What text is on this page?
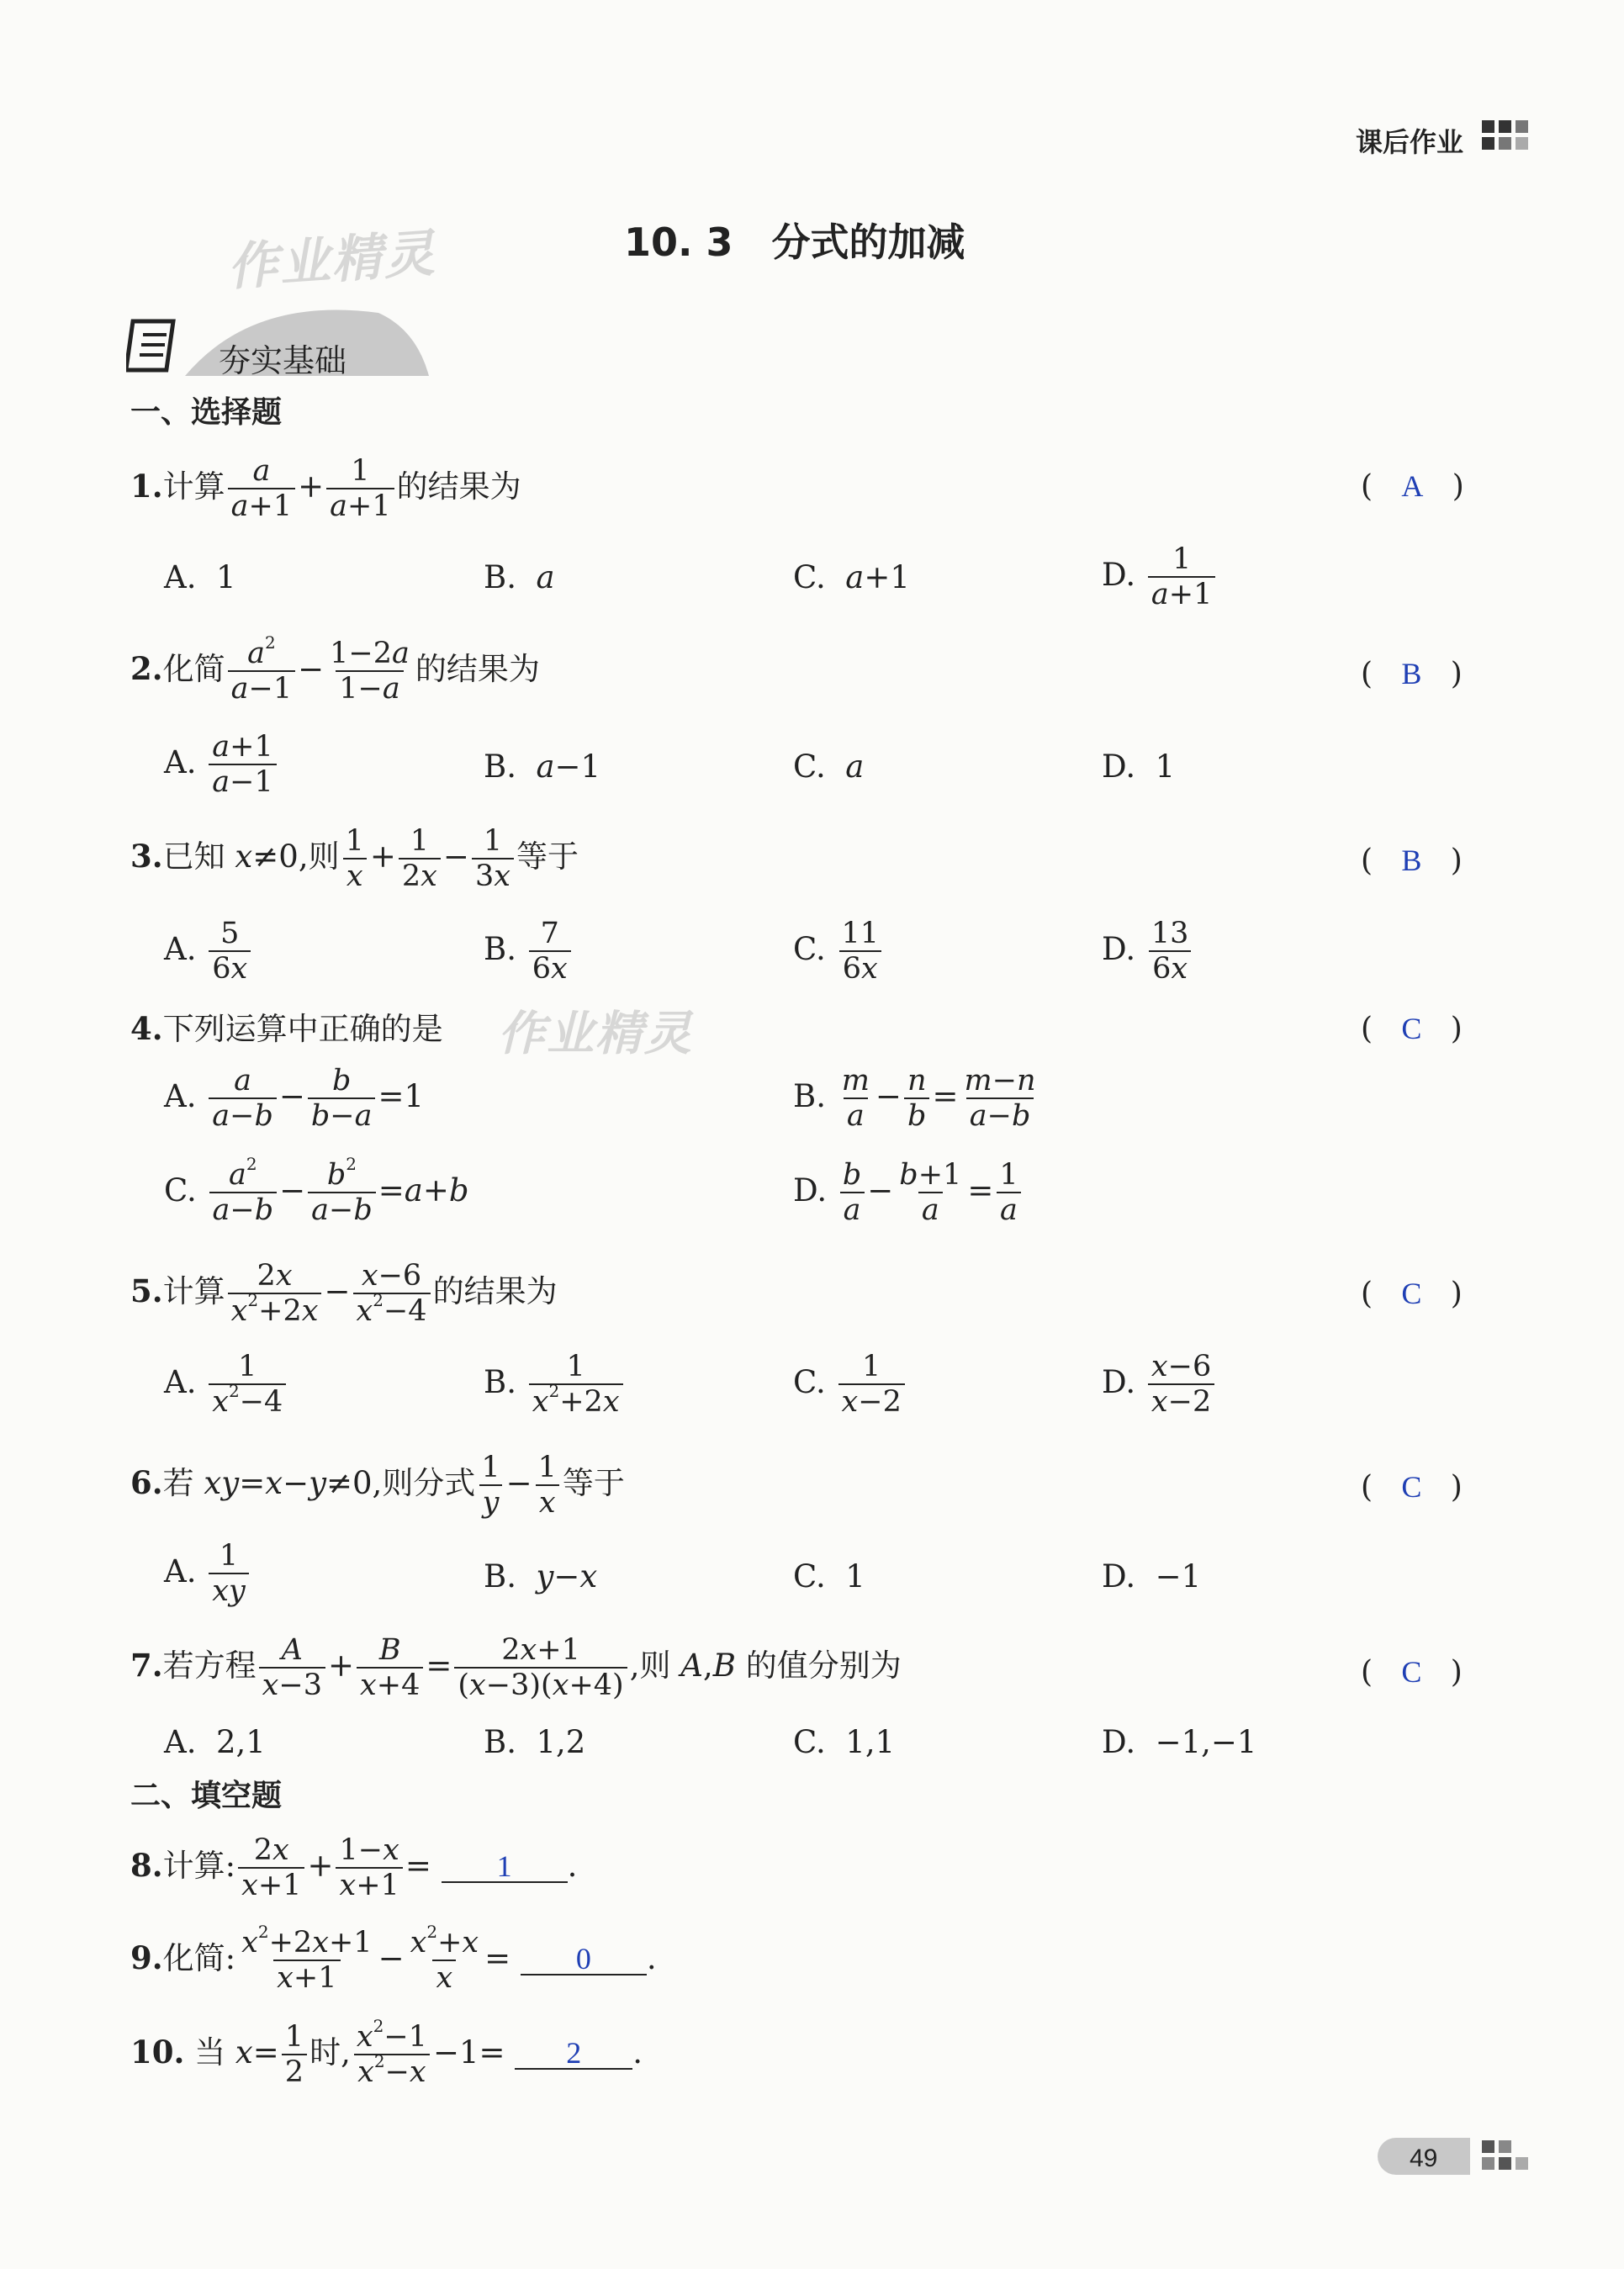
课后作业
作业精灵
作业精灵
10. 3　分式的加减
夯实基础
一、选择题
1.计算 $\frac{a}{a+1} + \frac{1}{a+1}$ 的结果为	(   A   )
A.  1	B.  a	C.  a+1	D. $\frac{1}{a+1}$
2.化简 $\frac{a^2}{a-1} - \frac{1-2a}{1-a}$ 的结果为	(   B   )
A. $\frac{a+1}{a-1}$	B.  a−1	C.  a	D.  1
3.已知 x≠0,则 $\frac{1}{x} + \frac{1}{2x} - \frac{1}{3x}$ 等于	(   B   )
A. $\frac{5}{6x}$	B. $\frac{7}{6x}$	C. $\frac{11}{6x}$	D. $\frac{13}{6x}$
4.下列运算中正确的是	(   C   )
A. $\frac{a}{a-b} - \frac{b}{b-a} =1$	B. $\frac{m}{a} - \frac{n}{b} = \frac{m-n}{a-b}$
C. $\frac{a^2}{a-b} - \frac{b^2}{a-b} =a+b$	D. $\frac{b}{a} - \frac{b+1}{a} = \frac{1}{a}$
5.计算 $\frac{2x}{x^2+2x} - \frac{x-6}{x^2-4}$ 的结果为	(   C   )
A. $\frac{1}{x^2-4}$	B. $\frac{1}{x^2+2x}$	C. $\frac{1}{x-2}$	D. $\frac{x-6}{x-2}$
6.若 xy=x−y≠0,则分式 $\frac{1}{y} - \frac{1}{x}$ 等于	(   C   )
A. $\frac{1}{xy}$	B.  y−x	C.  1	D.  −1
7.若方程 $\frac{A}{x-3} + \frac{B}{x+4} = \frac{2x+1}{(x-3)(x+4)}$ ,则 A,B 的值分别为	(   C   )
A.  2,1	B.  1,2	C.  1,1	D.  −1,−1
二、填空题
8.计算: $\frac{2x}{x+1} + \frac{1-x}{x+1} = 1$ .
9.化简: $\frac{x^2+2x+1}{x+1} - \frac{x^2+x}{x} = 0$ .
10. 当 $x= \frac{1}{2}$ 时, $\frac{x^2-1}{x^2-x} -1= 2$ .
49
